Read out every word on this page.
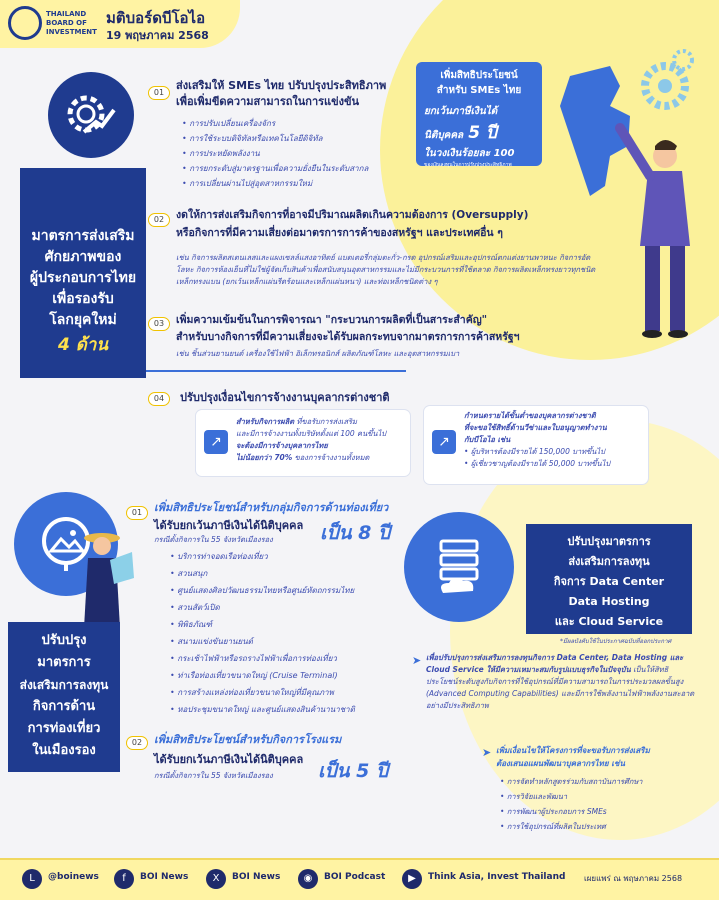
THAILAND BOARD OF INVESTMENT
มติบอร์ดบีโอไอ
19 พฤษภาคม 2568
มาตรการส่งเสริม
ศักยภาพของ
ผู้ประกอบการไทย
เพื่อรองรับ
โลกยุคใหม่
4 ด้าน
01
ส่งเสริมให้ SMEs ไทย ปรับปรุงประสิทธิภาพ
เพื่อเพิ่มขีดความสามารถในการแข่งขัน
• การปรับเปลี่ยนเครื่องจักร
• การใช้ระบบดิจิทัลหรือเทคโนโลยีดิจิทัล
• การประหยัดพลังงาน
• การยกระดับสู่มาตรฐานเพื่อความยั่งยืนในระดับสากล
• การเปลี่ยนผ่านไปสู่อุตสาหกรรมใหม่
เพิ่มสิทธิประโยชน์
สำหรับ SMEs ไทย
ยกเว้นภาษีเงินได้
นิติบุคคล 5 ปี
ในวงเงินร้อยละ 100
ของเงินลงทุนในการปรับปรุงประสิทธิภาพ
02	งดให้การส่งเสริมกิจการที่อาจมีปริมาณผลิตเกินความต้องการ (Oversupply)
หรือกิจการที่มีความเสี่ยงต่อมาตรการการค้าของสหรัฐฯ และประเทศอื่น ๆ
เช่น กิจการผลิตสเตนเลสและแผงเซลล์แสงอาทิตย์ แบตเตอรี่กลุ่มตะกั่ว-กรด อุปกรณ์เสริมและอุปกรณ์ตกแต่งยานพาหนะ กิจการอัดโลหะ กิจการห้องเย็นที่ไม่ใช่ผู้จัดเก็บสินค้าเพื่อสนับสนุนอุตสาหกรรมและไม่มีกระบวนการที่ใช้ตลาด กิจการผลิตเหล็กทรงยาวทุกชนิด เหล็กทรงแบน (ยกเว้นเหล็กแผ่นรีดร้อนและเหล็กแผ่นหนา) และท่อเหล็กชนิดต่าง ๆ
03	เพิ่มความเข้มข้นในการพิจารณา "กระบวนการผลิตที่เป็นสาระสำคัญ"
สำหรับบางกิจการที่มีความเสี่ยงจะได้รับผลกระทบจากมาตรการการค้าสหรัฐฯ
เช่น ชิ้นส่วนยานยนต์ เครื่องใช้ไฟฟ้า อิเล็กทรอนิกส์ ผลิตภัณฑ์โลหะ และอุตสาหกรรมเบา
04	ปรับปรุงเงื่อนไขการจ้างงานบุคลากรต่างชาติ
↗
สำหรับกิจการผลิต ที่ขอรับการส่งเสริม
และมีการจ้างงานทั้งบริษัทตั้งแต่ 100 คนขึ้นไป
จะต้องมีการจ้างบุคลากรไทย
ไม่น้อยกว่า 70% ของการจ้างงานทั้งหมด
↗
กำหนดรายได้ขั้นต่ำของบุคลากรต่างชาติ
ที่จะขอใช้สิทธิ์ด้านวีซ่าและใบอนุญาตทำงาน
กับบีโอไอ เช่น
• ผู้บริหารต้องมีรายได้ 150,000 บาทขึ้นไป
• ผู้เชี่ยวชาญต้องมีรายได้ 50,000 บาทขึ้นไป
ปรับปรุง
มาตรการ
ส่งเสริมการลงทุน
กิจการด้าน
การท่องเที่ยว
ในเมืองรอง
01	เพิ่มสิทธิประโยชน์สำหรับกลุ่มกิจการด้านท่องเที่ยว
ได้รับยกเว้นภาษีเงินได้นิติบุคคล เป็น 8 ปี
กรณีตั้งกิจการใน 55 จังหวัดเมืองรอง
• บริการท่าจอดเรือท่องเที่ยว
• สวนสนุก
• ศูนย์แสดงศิลปวัฒนธรรมไทยหรือศูนย์หัตถกรรมไทย
• สวนสัตว์เปิด
• พิพิธภัณฑ์
• สนามแข่งขันยานยนต์
• กระเช้าไฟฟ้าหรือรถรางไฟฟ้าเพื่อการท่องเที่ยว
• ท่าเรือท่องเที่ยวขนาดใหญ่ (Cruise Terminal)
• การสร้างแหล่งท่องเที่ยวขนาดใหญ่ที่มีคุณภาพ
• หอประชุมขนาดใหญ่ และศูนย์แสดงสินค้านานาชาติ
02	เพิ่มสิทธิประโยชน์สำหรับกิจการโรงแรม
ได้รับยกเว้นภาษีเงินได้นิติบุคคล
เป็น 5 ปี
กรณีตั้งกิจการใน 55 จังหวัดเมืองรอง
ปรับปรุงมาตรการ
ส่งเสริมการลงทุน
กิจการ Data Center
Data Hosting
และ Cloud Service
*มีผลบังคับใช้ในประกาศฉบับที่ออกประกาศ
➤ เพื่อปรับปรุงการส่งเสริมการลงทุนกิจการ Data Center, Data Hosting และ Cloud Service ให้มีความเหมาะสมกับรูปแบบธุรกิจในปัจจุบัน เป็นให้สิทธิประโยชน์ระดับสูงกับกิจการที่ใช้อุปกรณ์ที่มีความสามารถในการประมวลผลขั้นสูง (Advanced Computing Capabilities) และมีการใช้พลังงานไฟฟ้าพลังงานสะอาดอย่างมีประสิทธิภาพ
➤ เพิ่มเงื่อนไขให้โครงการที่จะขอรับการส่งเสริม
ต้องเสนอแผนพัฒนาบุคลากรไทย เช่น
• การจัดทำหลักสูตรร่วมกับสถาบันการศึกษา
• การวิจัยและพัฒนา
• การพัฒนาผู้ประกอบการ SMEs
• การใช้อุปกรณ์ที่ผลิตในประเทศ
L	@boinews	f	BOI News	X	BOI News	◉	BOI Podcast	▶	Think Asia, Invest Thailand เผยแพร่ ณ พฤษภาคม 2568
